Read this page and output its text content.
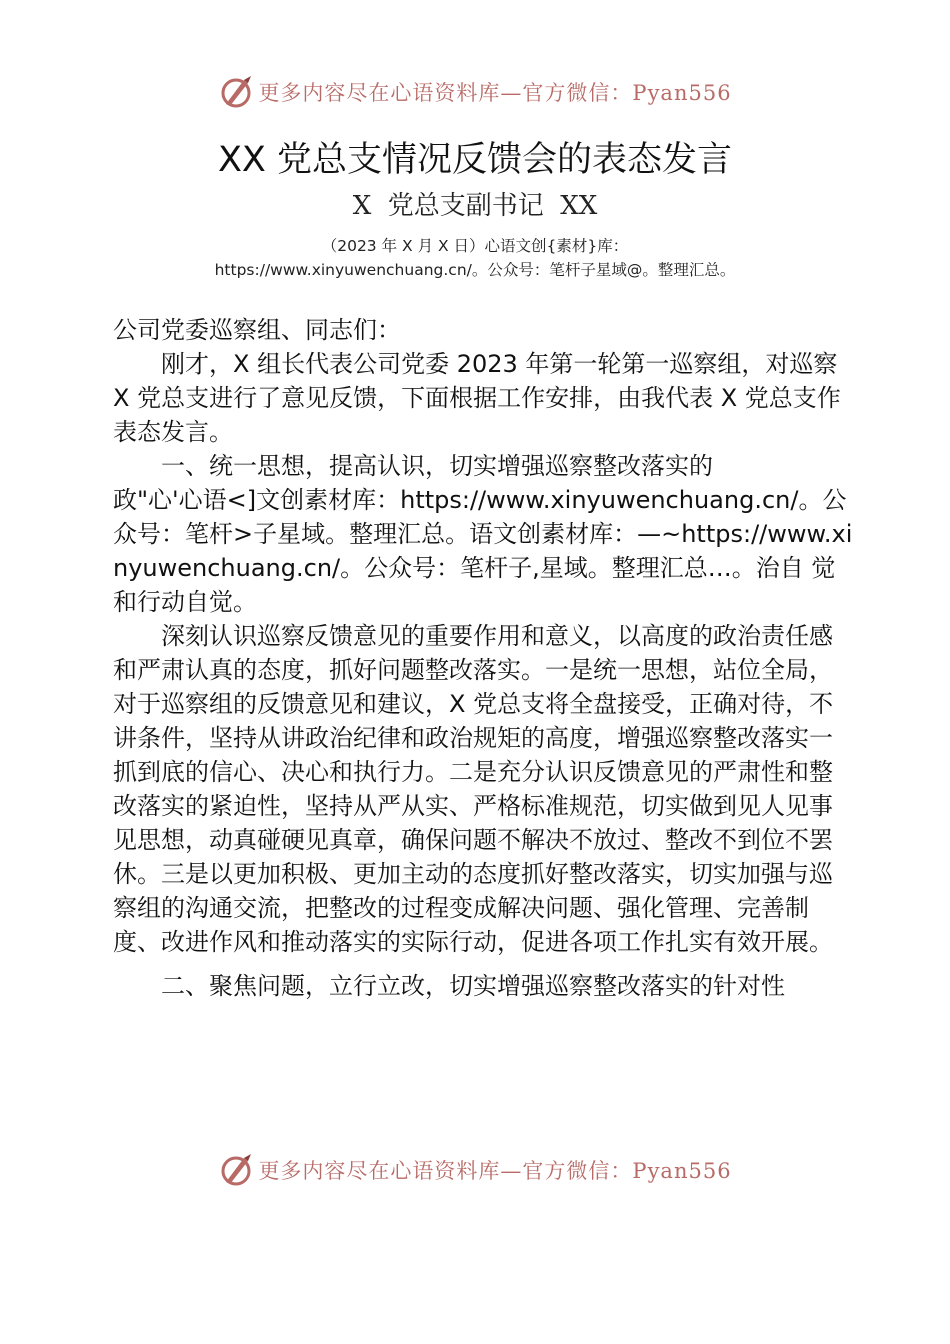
更多内容尽在心语资料库—官方微信：Pyan556
XX 党总支情况反馈会的表态发言
X  党总支副书记  XX
（2023 年 X 月 X 日）心语文创{素材}库：https://www.xinyuwenchuang.cn/。公众号：笔杆子星域@。整理汇总。

公司党委巡察组、同志们：

刚才，X 组长代表公司党委 2023 年第一轮第一巡察组，对巡察 X 党总支进行了意见反馈，下面根据工作安排，由我代表 X 党总支作表态发言。

一、统一思想，提高认识，切实增强巡察整改落实的

政"心'心语<]文创素材库：https://www.xinyuwenchuang.cn/。公众号：笔杆>子星域。整理汇总。语文创素材库：—~https://www.xinyuwenchuang.cn/。公众号：笔杆子,星域。整理汇总…。治自 觉和行动自觉。

深刻认识巡察反馈意见的重要作用和意义，以高度的政治责任感和严肃认真的态度，抓好问题整改落实。一是统一思想，站位全局，对于巡察组的反馈意见和建议，X 党总支将全盘接受，正确对待，不讲条件，坚持从讲政治纪律和政治规矩的高度，增强巡察整改落实一抓到底的信心、决心和执行力。二是充分认识反馈意见的严肃性和整改落实的紧迫性，坚持从严从实、严格标准规范，切实做到见人见事见思想，动真碰硬见真章，确保问题不解决不放过、整改不到位不罢休。三是以更加积极、更加主动的态度抓好整改落实，切实加强与巡察组的沟通交流，把整改的过程变成解决问题、强化管理、完善制度、改进作风和推动落实的实际行动，促进各项工作扎实有效开展。

二、聚焦问题，立行立改，切实增强巡察整改落实的针对性

更多内容尽在心语资料库—官方微信：Pyan556
